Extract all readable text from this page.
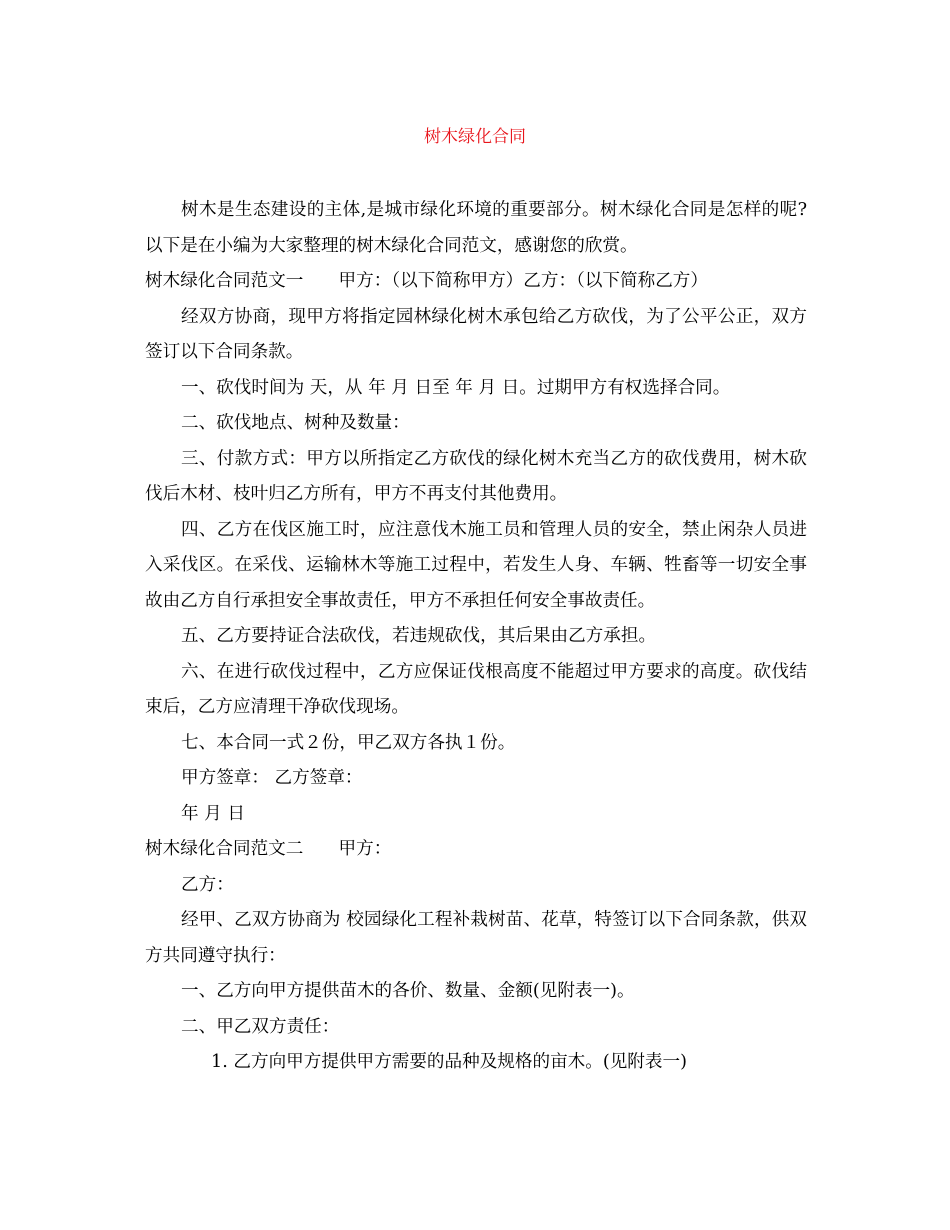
树木绿化合同

树木是生态建设的主体,是城市绿化环境的重要部分。树木绿化合同是怎样的呢?以下是在小编为大家整理的树木绿化合同范文，感谢您的欣赏。

树木绿化合同范文一　　甲方：（以下简称甲方）乙方：（以下简称乙方）

经双方协商，现甲方将指定园林绿化树木承包给乙方砍伐，为了公平公正，双方签订以下合同条款。

一、砍伐时间为 天，从 年 月 日至 年 月 日。过期甲方有权选择合同。

二、砍伐地点、树种及数量：

三、付款方式：甲方以所指定乙方砍伐的绿化树木充当乙方的砍伐费用，树木砍伐后木材、枝叶归乙方所有，甲方不再支付其他费用。

四、乙方在伐区施工时，应注意伐木施工员和管理人员的安全，禁止闲杂人员进入采伐区。在采伐、运输林木等施工过程中，若发生人身、车辆、牲畜等一切安全事故由乙方自行承担安全事故责任，甲方不承担任何安全事故责任。

五、乙方要持证合法砍伐，若违规砍伐，其后果由乙方承担。

六、在进行砍伐过程中，乙方应保证伐根高度不能超过甲方要求的高度。砍伐结束后，乙方应清理干净砍伐现场。

七、本合同一式２份，甲乙双方各执１份。

甲方签章： 乙方签章：

年 月 日

树木绿化合同范文二　　甲方：

乙方：

经甲、乙双方协商为 校园绿化工程补栽树苗、花草，特签订以下合同条款，供双方共同遵守执行：

一、乙方向甲方提供苗木的各价、数量、金额(见附表一)。

二、甲乙双方责任：

1. 乙方向甲方提供甲方需要的品种及规格的亩木。(见附表一)
